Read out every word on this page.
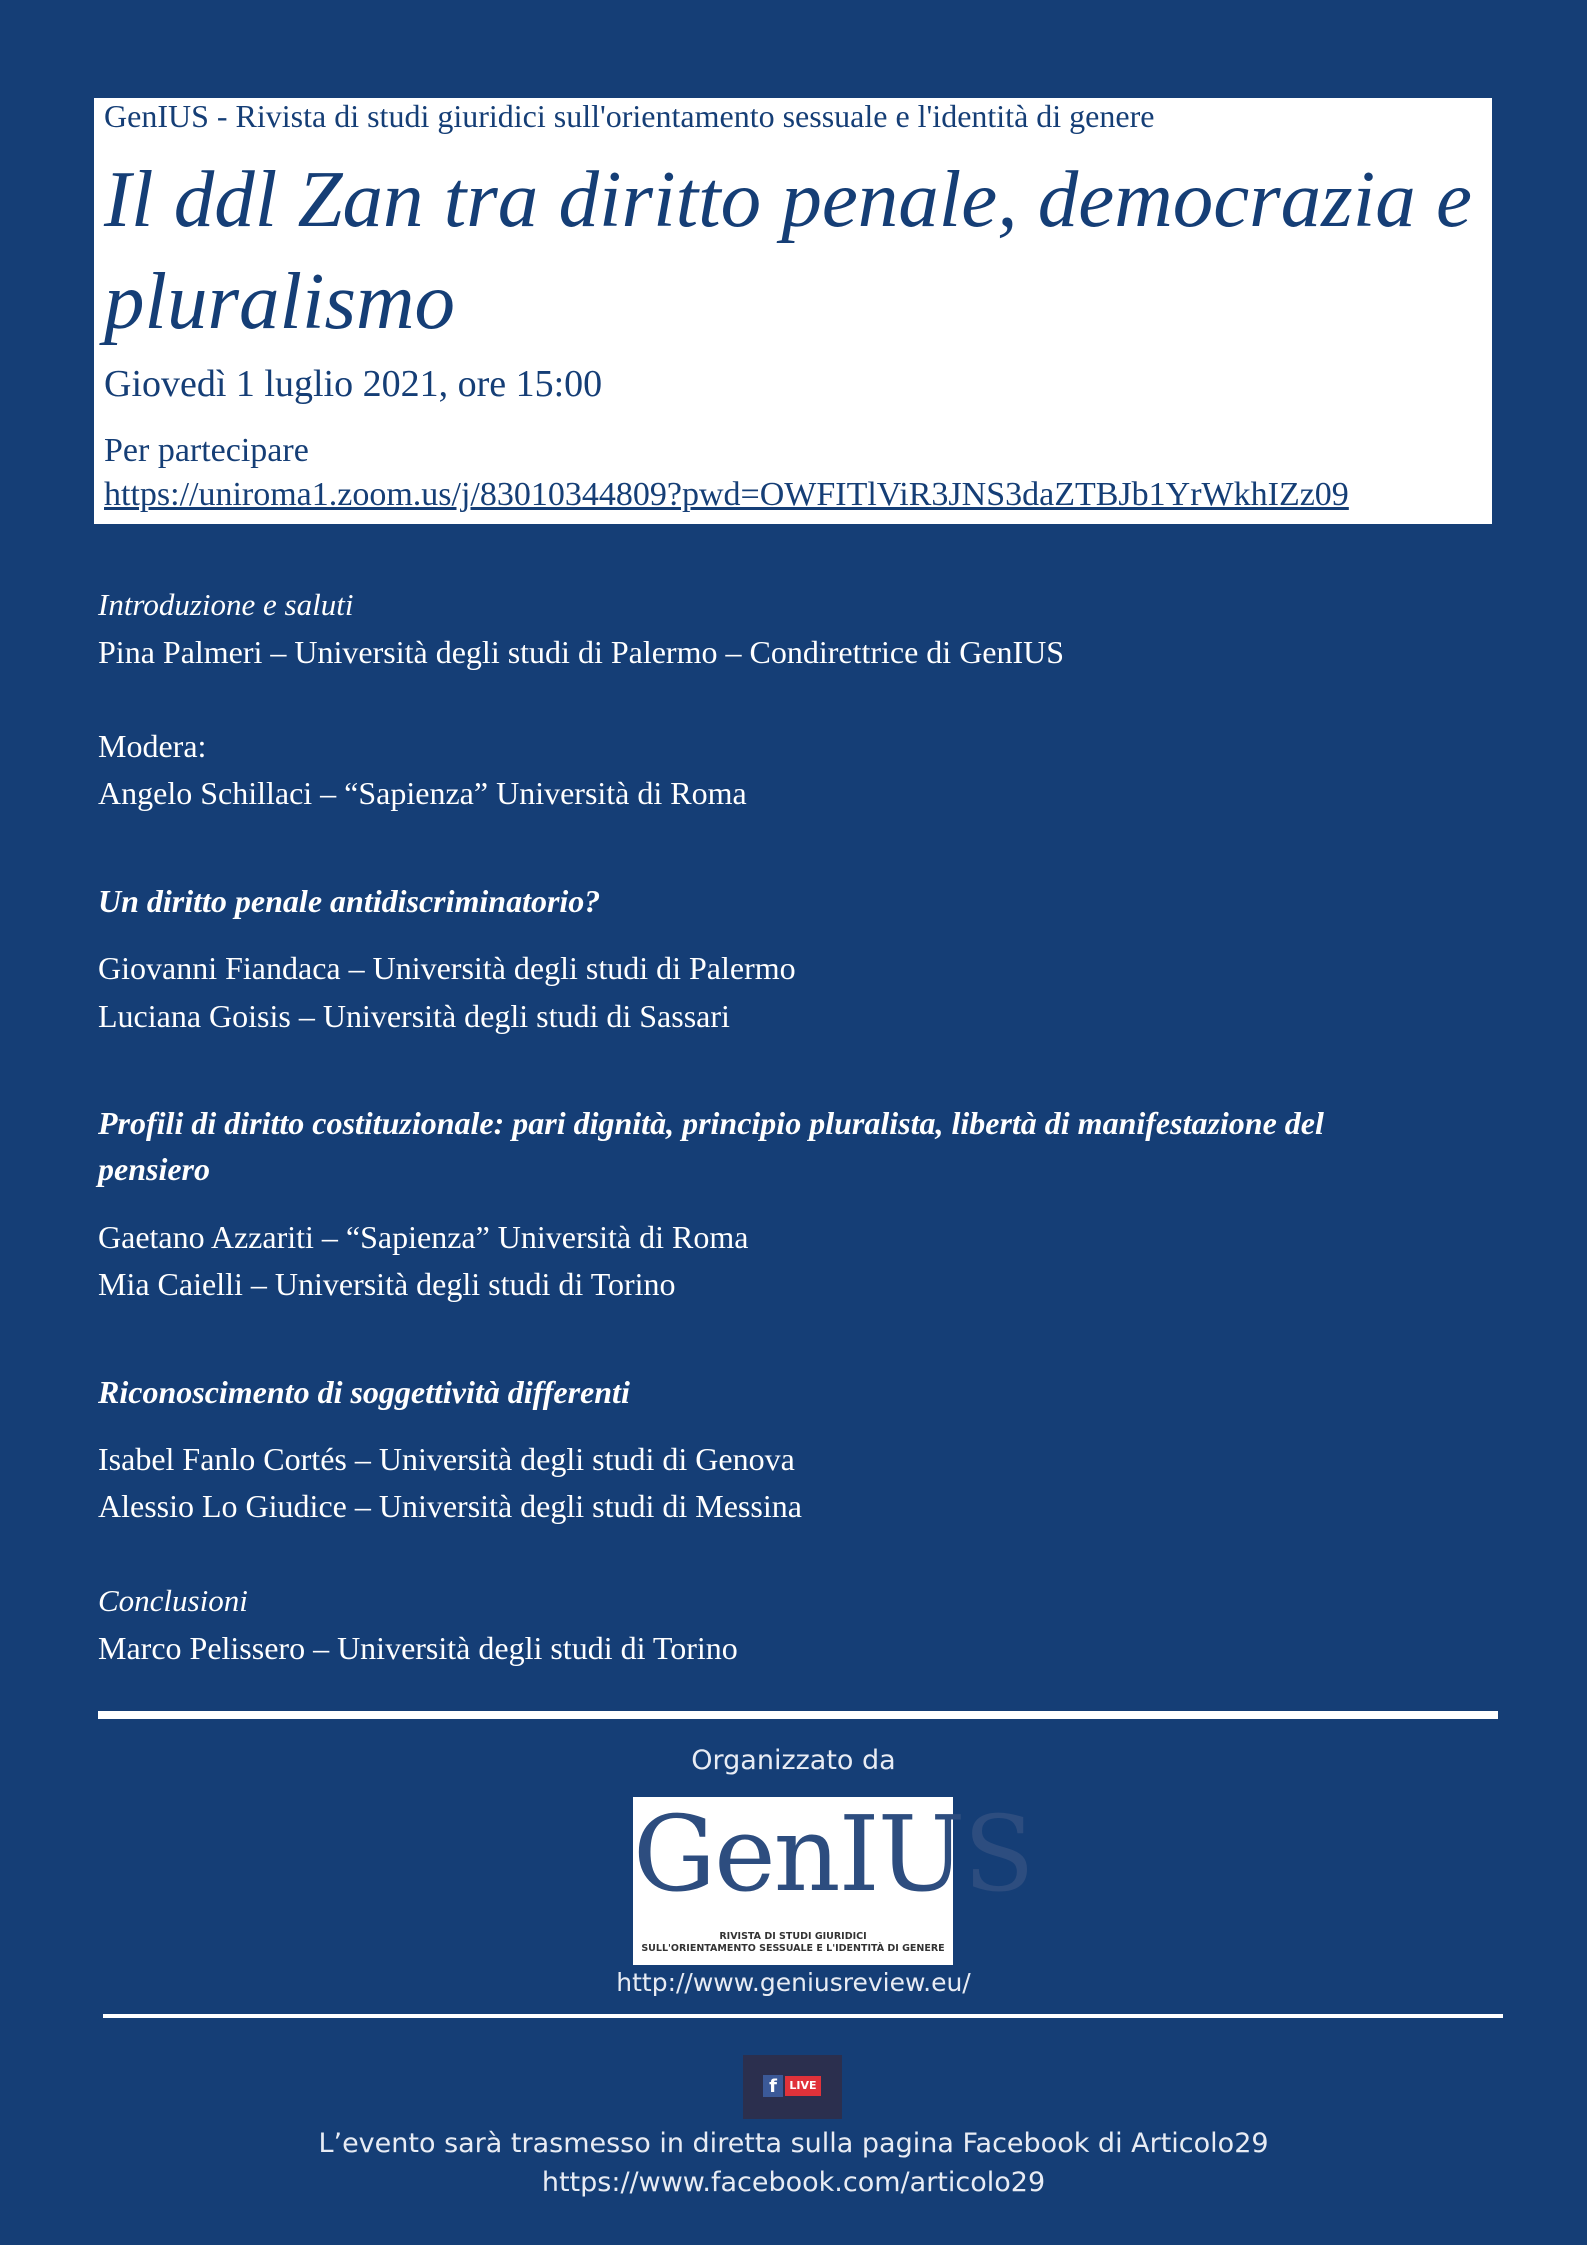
GenIUS - Rivista di studi giuridici sull'orientamento sessuale e l'identità di genere
Il ddl Zan tra diritto penale, democrazia e pluralismo
Giovedì 1 luglio 2021, ore 15:00
Per partecipare
https://uniroma1.zoom.us/j/83010344809?pwd=OWFITlViR3JNS3daZTBJb1YrWkhIZz09
Introduzione e saluti
Pina Palmeri – Università degli studi di Palermo – Condirettrice di GenIUS
Modera:
Angelo Schillaci – “Sapienza” Università di Roma
Un diritto penale antidiscriminatorio?
Giovanni Fiandaca – Università degli studi di Palermo
Luciana Goisis – Università degli studi di Sassari
Profili di diritto costituzionale: pari dignità, principio pluralista, libertà di manifestazione del
pensiero
Gaetano Azzariti – “Sapienza” Università di Roma
Mia Caielli – Università degli studi di Torino
Riconoscimento di soggettività differenti
Isabel Fanlo Cortés – Università degli studi di Genova
Alessio Lo Giudice – Università degli studi di Messina
Conclusioni
Marco Pelissero – Università degli studi di Torino
Organizzato da
GenIUS
RIVISTA DI STUDI GIURIDICI
SULL'ORIENTAMENTO SESSUALE E L'IDENTITÀ DI GENERE
http://www.geniusreview.eu/
f	LIVE
L’evento sarà trasmesso in diretta sulla pagina Facebook di Articolo29
https://www.facebook.com/articolo29
